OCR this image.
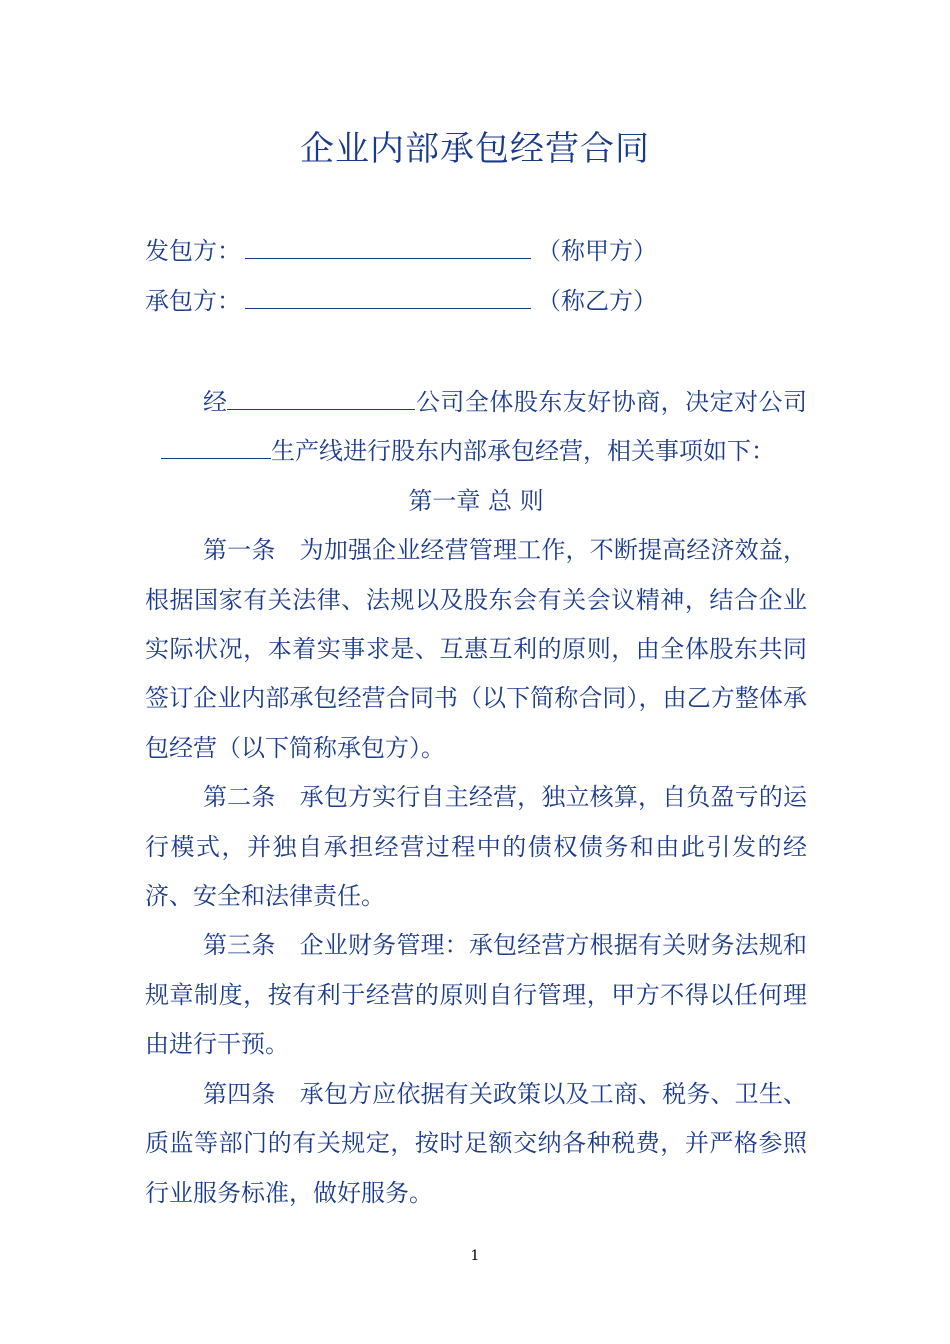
企业内部承包经营合同
发包方：	（称甲方）
承包方：	（称乙方）

经	公司全体股东友好协商，决定对公司生产线进行股东内部承包经营，相关事项如下：

第一章 总 则

第一条　为加强企业经营管理工作，不断提高经济效益，根据国家有关法律、法规以及股东会有关会议精神，结合企业实际状况，本着实事求是、互惠互利的原则，由全体股东共同签订企业内部承包经营合同书（以下简称合同），由乙方整体承包经营（以下简称承包方）。

第二条　承包方实行自主经营，独立核算，自负盈亏的运行模式，并独自承担经营过程中的债权债务和由此引发的经济、安全和法律责任。

第三条　企业财务管理：承包经营方根据有关财务法规和规章制度，按有利于经营的原则自行管理，甲方不得以任何理由进行干预。

第四条　承包方应依据有关政策以及工商、税务、卫生、质监等部门的有关规定，按时足额交纳各种税费，并严格参照行业服务标准，做好服务。

1
